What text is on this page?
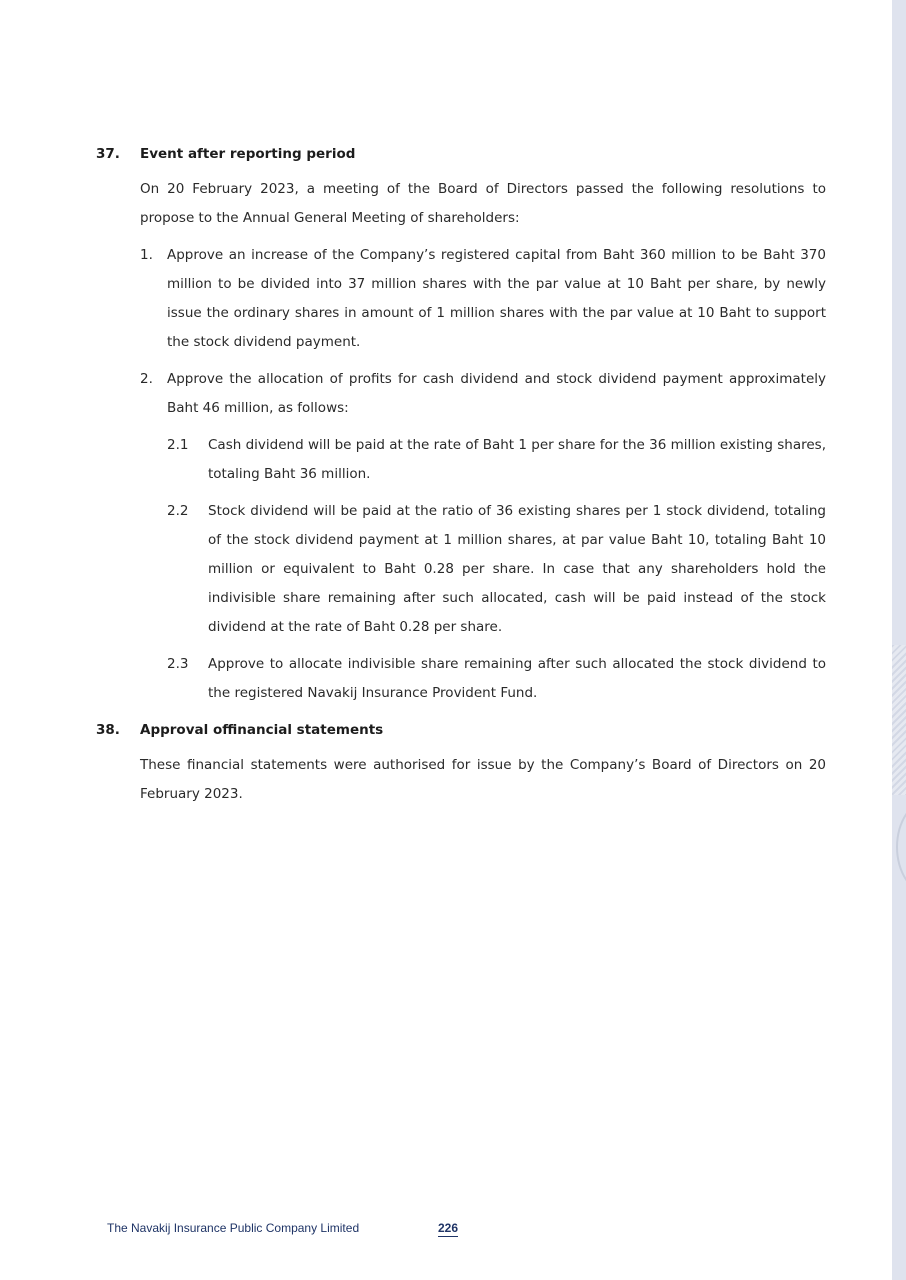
37.	Event after reporting period
On 20 February 2023, a meeting of the Board of Directors passed the following resolutions to propose to the Annual General Meeting of shareholders:
1.	Approve an increase of the Company’s registered capital from Baht 360 million to be Baht 370 million to be divided into 37 million shares with the par value at 10 Baht per share, by newly issue the ordinary shares in amount of 1 million shares with the par value at 10 Baht to support the stock dividend payment.
2.	Approve the allocation of profits for cash dividend and stock dividend payment approximately Baht 46 million, as follows:
2.1	Cash dividend will be paid at the rate of Baht 1 per share for the 36 million existing shares, totaling Baht 36 million.
2.2	Stock dividend will be paid at the ratio of 36 existing shares per 1 stock dividend, totaling of the stock dividend payment at 1 million shares, at par value Baht 10, totaling Baht 10 million or equivalent to Baht 0.28 per share. In case that any shareholders hold the indivisible share remaining after such allocated, cash will be paid instead of the stock dividend at the rate of Baht 0.28 per share.
2.3	Approve to allocate indivisible share remaining after such allocated the stock dividend to the registered Navakij Insurance Provident Fund.
38.	Approval offinancial statements
These financial statements were authorised for issue by the Company’s Board of Directors on 20 February 2023.
The Navakij Insurance Public Company Limited	226
